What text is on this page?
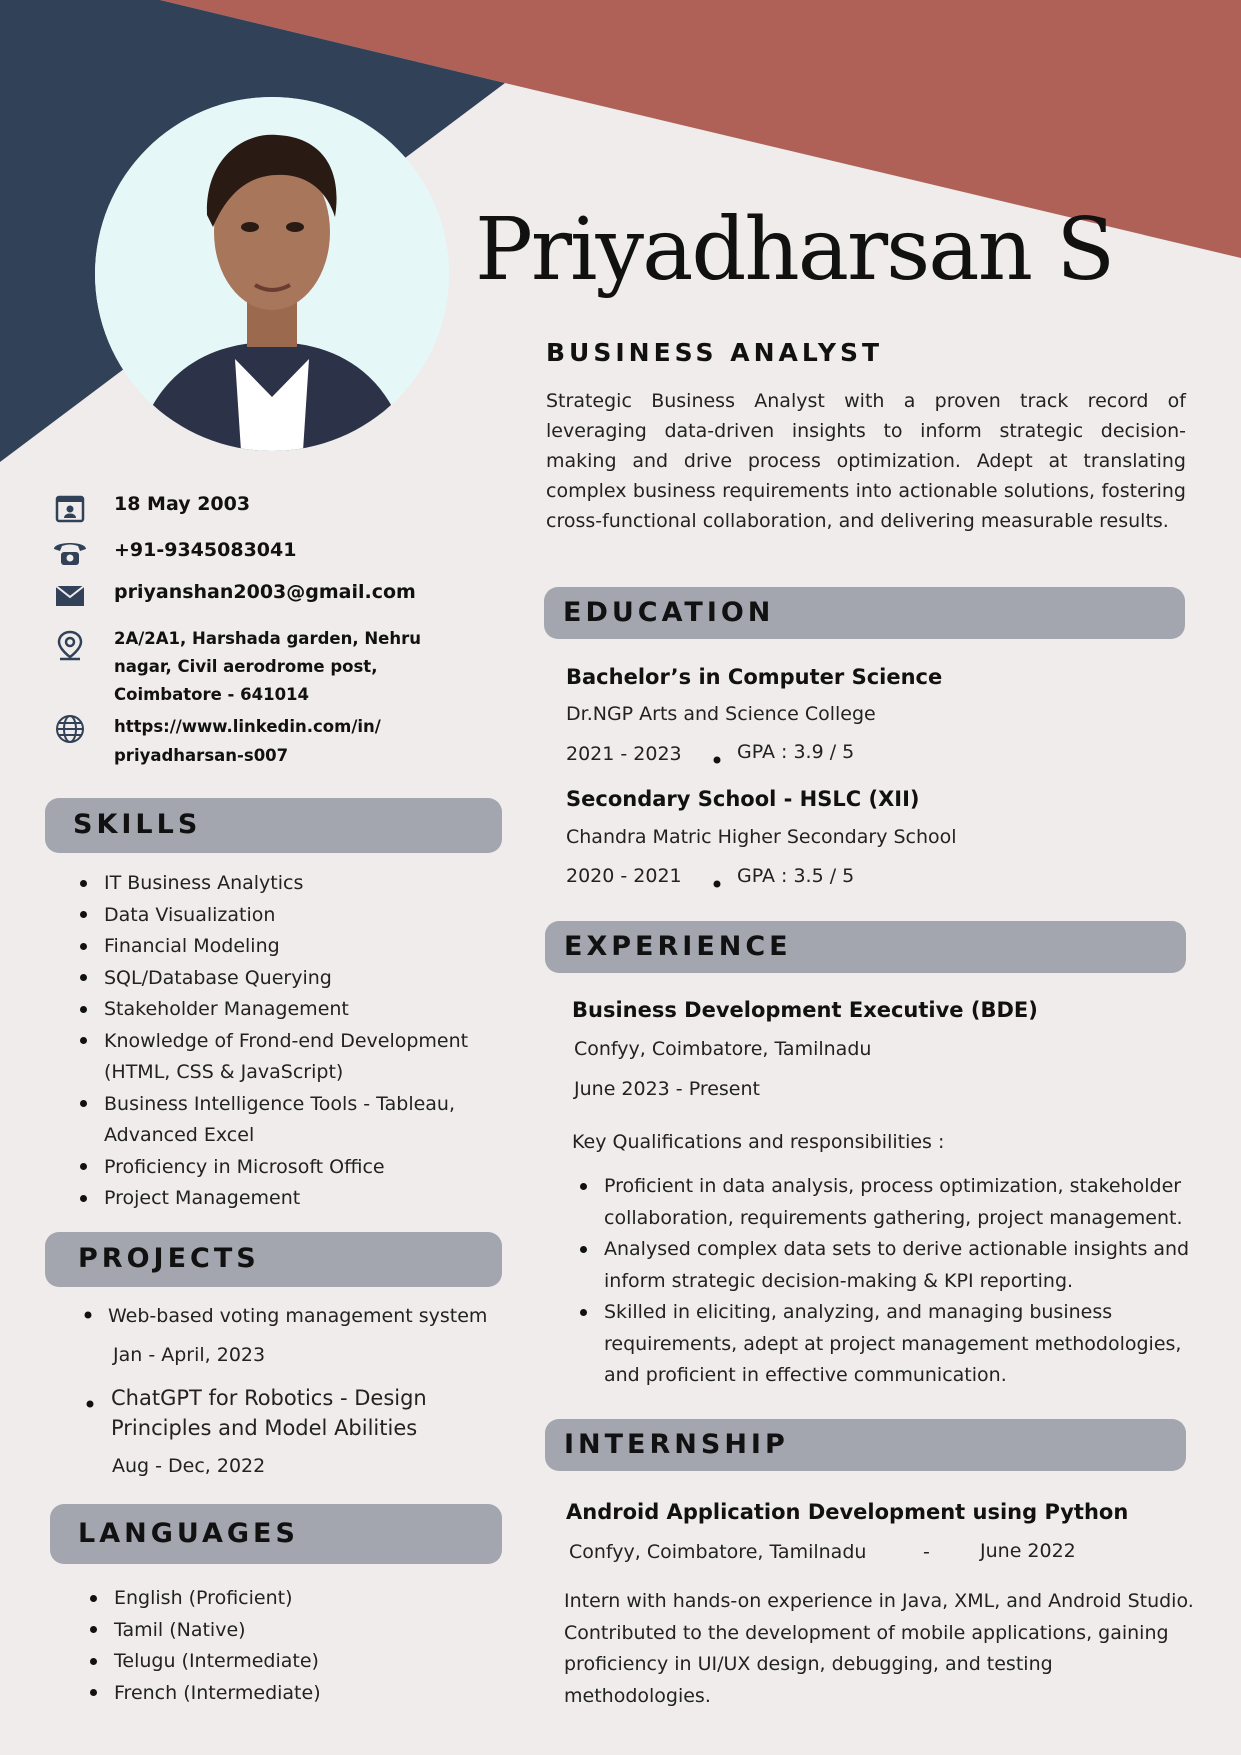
Priyadharsan S
BUSINESS ANALYST
Strategic Business Analyst with a proven track record of leveraging data-driven insights to inform strategic decision-making and drive process optimization. Adept at translating complex business requirements into actionable solutions, fostering cross-functional collaboration, and delivering measurable results.
18 May 2003
+91-9345083041
priyanshan2003@gmail.com
2A/2A1, Harshada garden, Nehru
nagar, Civil aerodrome post,
Coimbatore - 641014
https://www.linkedin.com/in/
priyadharsan-s007
SKILLS
IT Business Analytics
Data Visualization
Financial Modeling
SQL/Database Querying
Stakeholder Management
Knowledge of Frond-end Development (HTML, CSS & JavaScript)
Business Intelligence Tools - Tableau, Advanced Excel
Proficiency in Microsoft Office
Project Management
PROJECTS
Web-based voting management system
Jan - April, 2023
ChatGPT for Robotics - Design
Principles and Model Abilities
Aug - Dec, 2022
LANGUAGES
English (Proficient)
Tamil (Native)
Telugu (Intermediate)
French (Intermediate)
EDUCATION
Bachelor’s in Computer Science
Dr.NGP Arts and Science College
2021 - 2023	GPA : 3.9 / 5
Secondary School - HSLC (XII)
Chandra Matric Higher Secondary School
2020 - 2021	GPA : 3.5 / 5
EXPERIENCE
Business Development Executive (BDE)
Confyy, Coimbatore, Tamilnadu
June 2023 - Present
Key Qualifications and responsibilities :
Proficient in data analysis, process optimization, stakeholder collaboration, requirements gathering, project management.
Analysed complex data sets to derive actionable insights and inform strategic decision-making & KPI reporting.
Skilled in eliciting, analyzing, and managing business requirements, adept at project management methodologies, and proficient in effective communication.
INTERNSHIP
Android Application Development using Python
Confyy, Coimbatore, Tamilnadu	-	June 2022
Intern with hands-on experience in Java, XML, and Android Studio. Contributed to the development of mobile applications, gaining proficiency in UI/UX design, debugging, and testing methodologies.
